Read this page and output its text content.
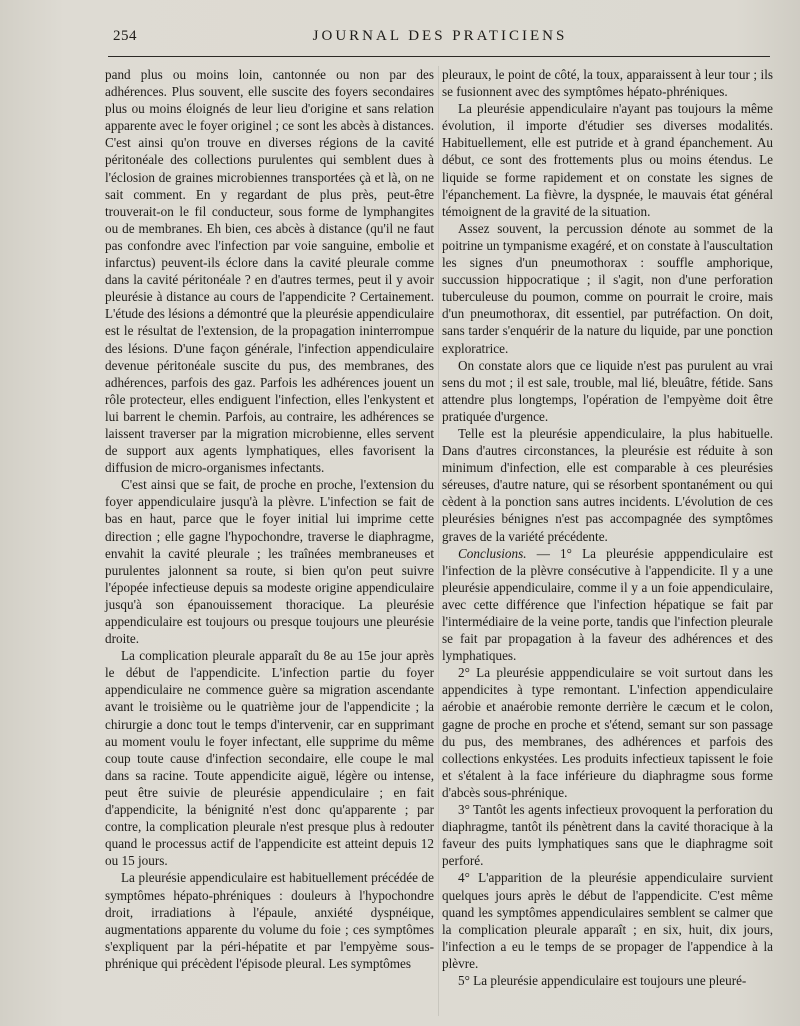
254	JOURNAL DES PRATICIENS

pand plus ou moins loin, cantonnée ou non par des adhérences. Plus souvent, elle suscite des foyers secondaires plus ou moins éloignés de leur lieu d'origine et sans relation apparente avec le foyer originel ; ce sont les abcès à distances. C'est ainsi qu'on trouve en diverses régions de la cavité péritonéale des collections purulentes qui semblent dues à l'éclosion de graines microbiennes transportées çà et là, on ne sait comment. En y regardant de plus près, peut-être trouverait-on le fil conducteur, sous forme de lymphangites ou de membranes. Eh bien, ces abcès à distance (qu'il ne faut pas confondre avec l'infection par voie sanguine, embolie et infarctus) peuvent-ils éclore dans la cavité pleurale comme dans la cavité péritonéale ? en d'autres termes, peut il y avoir pleurésie à distance au cours de l'appendicite ? Certainement. L'étude des lésions a démontré que la pleurésie appendiculaire est le résultat de l'extension, de la propagation ininterrompue des lésions. D'une façon générale, l'infection appendiculaire devenue péritonéale suscite du pus, des membranes, des adhérences, parfois des gaz. Parfois les adhérences jouent un rôle protecteur, elles endiguent l'infection, elles l'enkystent et lui barrent le chemin. Parfois, au contraire, les adhérences se laissent traverser par la migration microbienne, elles servent de support aux agents lymphatiques, elles favorisent la diffusion de micro-organismes infectants.

C'est ainsi que se fait, de proche en proche, l'extension du foyer appendiculaire jusqu'à la plèvre. L'infection se fait de bas en haut, parce que le foyer initial lui imprime cette direction ; elle gagne l'hypochondre, traverse le diaphragme, envahit la cavité pleurale ; les traînées membraneuses et purulentes jalonnent sa route, si bien qu'on peut suivre l'épopée infectieuse depuis sa modeste origine appendiculaire jusqu'à son épanouissement thoracique. La pleurésie appendiculaire est toujours ou presque toujours une pleurésie droite.

La complication pleurale apparaît du 8e au 15e jour après le début de l'appendicite. L'infection partie du foyer appendiculaire ne commence guère sa migration ascendante avant le troisième ou le quatrième jour de l'appendicite ; la chirurgie a donc tout le temps d'intervenir, car en supprimant au moment voulu le foyer infectant, elle supprime du même coup toute cause d'infection secondaire, elle coupe le mal dans sa racine. Toute appendicite aiguë, légère ou intense, peut être suivie de pleurésie appendiculaire ; en fait d'appendicite, la bénignité n'est donc qu'apparente ; par contre, la complication pleurale n'est presque plus à redouter quand le processus actif de l'appendicite est atteint depuis 12 ou 15 jours.

La pleurésie appendiculaire est habituellement précédée de symptômes hépato-phréniques : douleurs à l'hypochondre droit, irradiations à l'épaule, anxiété dyspnéique, augmentations apparente du volume du foie ; ces symptômes s'expliquent par la péri-hépatite et par l'empyème sous-phrénique qui précèdent l'épisode pleural. Les symptômes

pleuraux, le point de côté, la toux, apparaissent à leur tour ; ils se fusionnent avec des symptômes hépato-phréniques.

La pleurésie appendiculaire n'ayant pas toujours la même évolution, il importe d'étudier ses diverses modalités. Habituellement, elle est putride et à grand épanchement. Au début, ce sont des frottements plus ou moins étendus. Le liquide se forme rapidement et on constate les signes de l'épanchement. La fièvre, la dyspnée, le mauvais état général témoignent de la gravité de la situation.

Assez souvent, la percussion dénote au sommet de la poitrine un tympanisme exagéré, et on constate à l'auscultation les signes d'un pneumothorax : souffle amphorique, succussion hippocratique ; il s'agit, non d'une perforation tuberculeuse du poumon, comme on pourrait le croire, mais d'un pneumothorax, dit essentiel, par putréfaction. On doit, sans tarder s'enquérir de la nature du liquide, par une ponction exploratrice.

On constate alors que ce liquide n'est pas purulent au vrai sens du mot ; il est sale, trouble, mal lié, bleuâtre, fétide. Sans attendre plus longtemps, l'opération de l'empyème doit être pratiquée d'urgence.

Telle est la pleurésie appendiculaire, la plus habituelle. Dans d'autres circonstances, la pleurésie est réduite à son minimum d'infection, elle est comparable à ces pleurésies séreuses, d'autre nature, qui se résorbent spontanément ou qui cèdent à la ponction sans autres incidents. L'évolution de ces pleurésies bénignes n'est pas accompagnée des symptômes graves de la variété précédente.

Conclusions. — 1° La pleurésie apppendiculaire est l'infection de la plèvre consécutive à l'appendicite. Il y a une pleurésie appendiculaire, comme il y a un foie appendiculaire, avec cette différence que l'infection hépatique se fait par l'intermédiaire de la veine porte, tandis que l'infection pleurale se fait par propagation à la faveur des adhérences et des lymphatiques.

2° La pleurésie apppendiculaire se voit surtout dans les appendicites à type remontant. L'infection appendiculaire aérobie et anaérobie remonte derrière le cæcum et le colon, gagne de proche en proche et s'étend, semant sur son passage du pus, des membranes, des adhérences et parfois des collections enkystées. Les produits infectieux tapissent le foie et s'étalent à la face inférieure du diaphragme sous forme d'abcès sous-phrénique.

3° Tantôt les agents infectieux provoquent la perforation du diaphragme, tantôt ils pénètrent dans la cavité thoracique à la faveur des puits lymphatiques sans que le diaphragme soit perforé.

4° L'apparition de la pleurésie appendiculaire survient quelques jours après le début de l'appendicite. C'est même quand les symptômes appendiculaires semblent se calmer que la complication pleurale apparaît ; en six, huit, dix jours, l'infection a eu le temps de se propager de l'appendice à la plèvre.

5° La pleurésie appendiculaire est toujours une pleuré-
